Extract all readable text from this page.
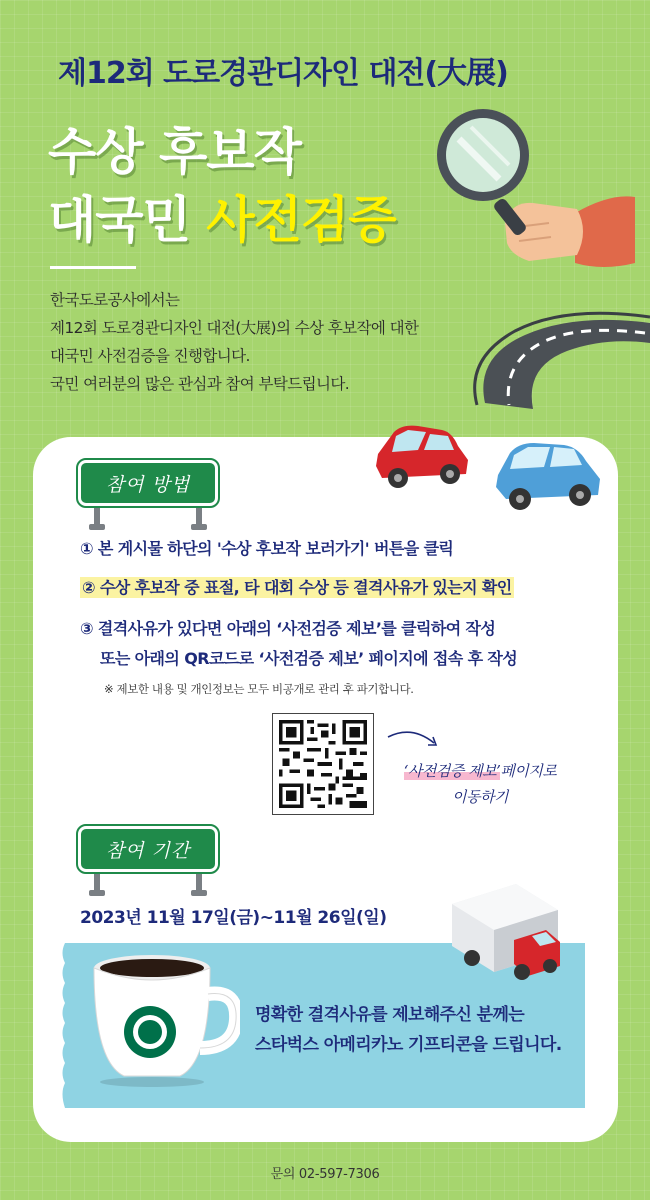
제12회 도로경관디자인 대전(大展)
수상 후보작
대국민 사전검증

한국도로공사에서는

제12회 도로경관디자인 대전(大展)의 수상 후보작에 대한

대국민 사전검증을 진행합니다.

국민 여러분의 많은 관심과 참여 부탁드립니다.

참여 방법
① 본 게시물 하단의 '수상 후보작 보러가기' 버튼을 클릭
② 수상 후보작 중 표절, 타 대회 수상 등 결격사유가 있는지 확인
③ 결격사유가 있다면 아래의 ‘사전검증 제보’를 클릭하여 작성
또는 아래의 QR코드로 ‘사전검증 제보’ 페이지에 접속 후 작성
※ 제보한 내용 및 개인정보는 모두 비공개로 관리 후 파기합니다.
‘사전검증 제보’페이지로
이동하기
참여 기간
2023년 11월 17일(금)~11월 26일(일)
명확한 결격사유를 제보해주신 분께는
스타벅스 아메리카노 기프티콘을 드립니다.
문의 02-597-7306
